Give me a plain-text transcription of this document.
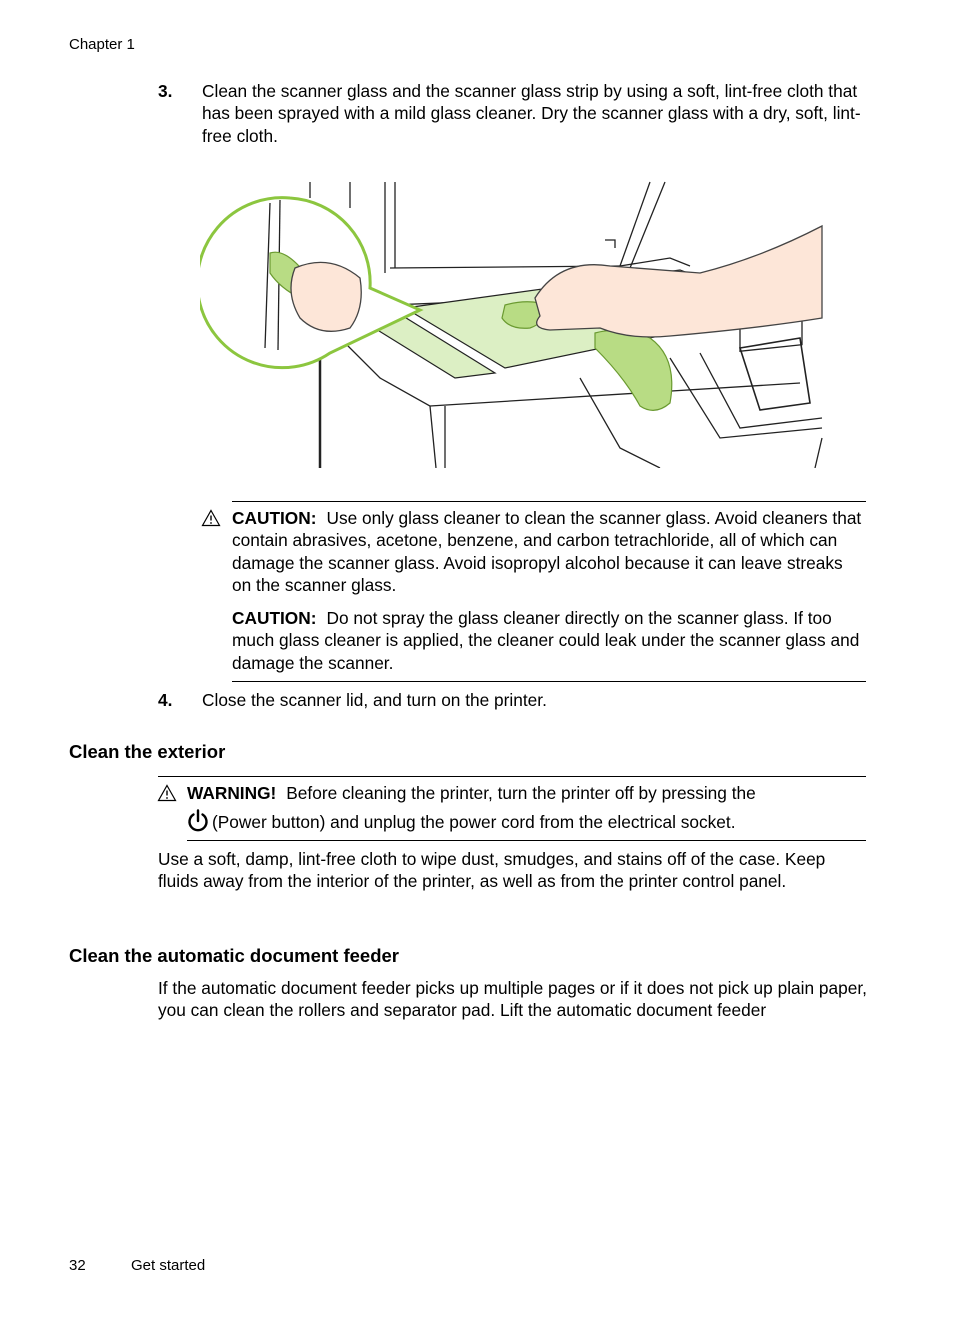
Chapter 1
3. Clean the scanner glass and the scanner glass strip by using a soft, lint-free cloth that has been sprayed with a mild glass cleaner. Dry the scanner glass with a dry, soft, lint-free cloth.
CAUTION: Use only glass cleaner to clean the scanner glass. Avoid cleaners that contain abrasives, acetone, benzene, and carbon tetrachloride, all of which can damage the scanner glass. Avoid isopropyl alcohol because it can leave streaks on the scanner glass.
CAUTION: Do not spray the glass cleaner directly on the scanner glass. If too much glass cleaner is applied, the cleaner could leak under the scanner glass and damage the scanner.
4. Close the scanner lid, and turn on the printer.
Clean the exterior
WARNING! Before cleaning the printer, turn the printer off by pressing the
(Power button) and unplug the power cord from the electrical socket.
Use a soft, damp, lint-free cloth to wipe dust, smudges, and stains off of the case. Keep fluids away from the interior of the printer, as well as from the printer control panel.
Clean the automatic document feeder
If the automatic document feeder picks up multiple pages or if it does not pick up plain paper, you can clean the rollers and separator pad. Lift the automatic document feeder
32	Get started
